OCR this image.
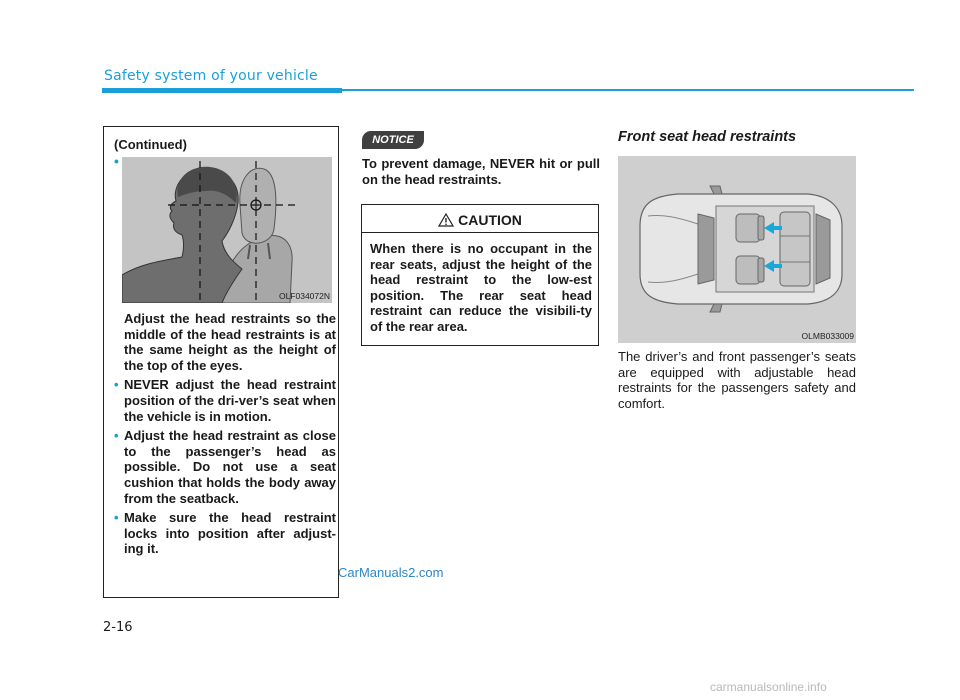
Safety system of your vehicle
(Continued)
•
OLF034072N

Adjust the head restraints so the middle of the head restraints is at the same height as the height of the top of the eyes.

• NEVER adjust the head restraint position of the dri-ver’s seat when the vehicle is in motion.
• Adjust the head restraint as close to the passenger’s head as possible. Do not use a seat cushion that holds the body away from the seatback.
• Make sure the head restraint locks into position after adjust-ing it.
NOTICE
To prevent damage, NEVER hit or pull on the head restraints.
CAUTION
When there is no occupant in the rear seats, adjust the height of the head restraint to the low-est position. The rear seat head restraint can reduce the visibili-ty of the rear area.
CarManuals2.com
Front seat head restraints
OLMB033009
The driver’s and front passenger’s seats are equipped with adjustable head restraints for the passengers safety and comfort.
2-16
carmanualsonline.info
